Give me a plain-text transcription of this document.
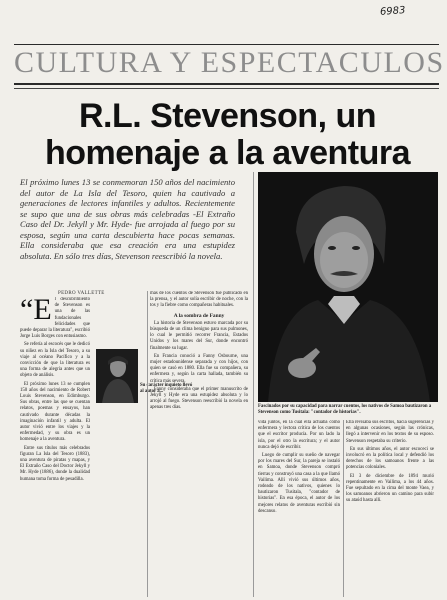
6983
CULTURA Y ESPECTACULOS
R.L. Stevenson, un
homenaje a la aventura
El próximo lunes 13 se conmemoran 150 años del nacimiento del autor de La Isla del Tesoro, quien ha cautivado a generaciones de lectores infantiles y adultos. Recientemente se supo que una de sus obras más celebradas -El Extraño Caso del Dr. Jekyll y Mr. Hyde- fue arrojada al fuego por su esposa, según una carta descubierta hace pocas semanas. Ella consideraba que esa creación era una estupidez absoluta. En sólo tres días, Stevenson reescribió la novela.
PEDRO VALLETTE

“El descubrimiento de Stevenson es una de las fundacionales felicidades que puede deparar la literatura", escribió Jorge Luis Borges con entusiasmo.

Se refería al escocés que le dedicó su niñez en la Isla del Tesoro, a su viaje al océano Pacífico y a la convicción de que la literatura es una forma de alegría antes que un objeto de análisis.

El próximo lunes 13 se cumplen 150 años del nacimiento de Robert Louis Stevenson, en Edimburgo. Sus obras, entre las que se cuentan relatos, poemas y ensayos, han cautivado durante décadas la imaginación infantil y adulta. El autor vivió entre los viajes y la enfermedad, y su obra es un homenaje a la aventura.

Entre sus títulos más celebrados figuran La Isla del Tesoro (1883), una aventura de piratas y mapas, y El Extraño Caso del Doctor Jekyll y Mr. Hyde (1886), donde la dualidad humana toma forma de pesadilla.

Su carácter inquieto llevó al autor a...

más de los cuentos de Stevenson fue publicado en la prensa, y el autor solía escribir de noche, con la tos y la fiebre como compañeras habituales.

A la sombra de Fanny

La historia de Stevenson estuvo marcada por su búsqueda de un clima benigno para sus pulmones, lo cual le permitió recorrer Francia, Estados Unidos y los mares del Sur, donde encontró finalmente su lugar.

En Francia conoció a Fanny Osbourne, una mujer estadounidense separada y con hijos, con quien se casó en 1880. Ella fue su compañera, su enfermera y, según la carta hallada, también su crítica más severa.

Fanny consideraba que el primer manuscrito de Jekyll y Hyde era una estupidez absoluta y lo arrojó al fuego. Stevenson reescribió la novela en apenas tres días.	Fascinados por su capacidad para narrar cuentos, los nativos de Samoa bautizaron a Stevenson como Tusitala: "contador de historias".

vida juntos, en la cual ella actuaba como enfermera y lectora crítica de los cuentos que el escritor producía. Por un lado la isla, por el otro la escritura; y el autor nunca dejó de escribir.

Luego de cumplir su sueño de navegar por los mares del Sur, la pareja se instaló en Samoa, donde Stevenson compró tierras y construyó una casa a la que llamó Vailima. Allí vivió sus últimos años, rodeado de los nativos, quienes lo bautizaron Tusitala, "contador de historias". En esa época, el autor de los mejores relatos de aventuras escribió sin descanso.

Ella revisaba sus escritos, hacía sugerencias y en algunas ocasiones, según las crónicas, llegó a intervenir en los textos de su esposo. Stevenson respetaba su criterio.

En sus últimos años, el autor escoceci se involucró en la política local y defendió los derechos de los samoanos frente a las potencias coloniales.

El 3 de diciembre de 1894 murió repentinamente en Vailima, a los 44 años. Fue sepultado en la cima del monte Vaea, y los samoanos abrieron un camino para subir su ataúd hasta allí.
